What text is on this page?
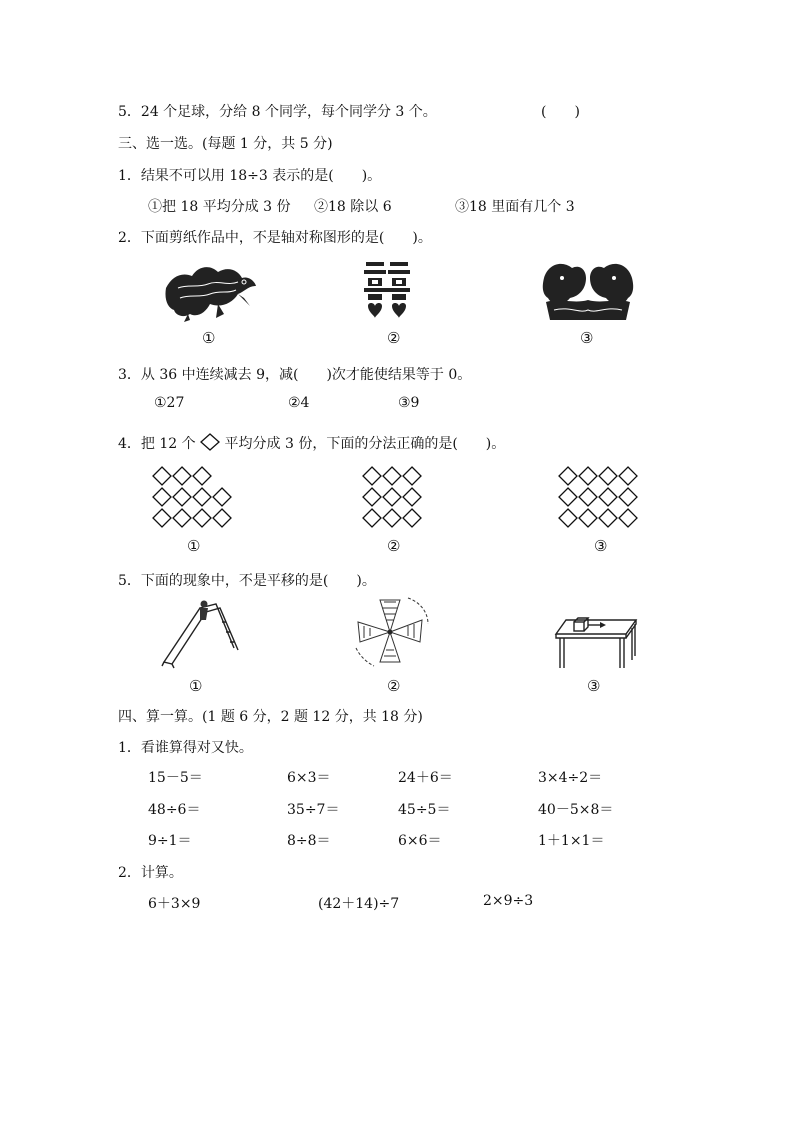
5．24 个足球，分给 8 个同学，每个同学分 3 个。	(　　)
三、选一选。(每题 1 分，共 5 分)
1．结果不可以用 18÷3 表示的是(　　)。
①把 18 平均分成 3 份 ②18 除以 6	③18 里面有几个 3
2．下面剪纸作品中，不是轴对称图形的是(　　)。
①	②	③
3．从 36 中连续减去 9，减(　　)次才能使结果等于 0。
①27	②4	③9
4．把 12 个 平均分成 3 份，下面的分法正确的是(　　)。
①	②	③
5．下面的现象中，不是平移的是(　　)。
①	②	③
四、算一算。(1 题 6 分，2 题 12 分，共 18 分)
1．看谁算得对又快。
15－5＝	6×3＝	24＋6＝	3×4÷2＝
48÷6＝	35÷7＝	45÷5＝	40－5×8＝
9÷1＝	8÷8＝	6×6＝	1＋1×1＝
2．计算。
6＋3×9	(42＋14)÷7	2×9÷3
